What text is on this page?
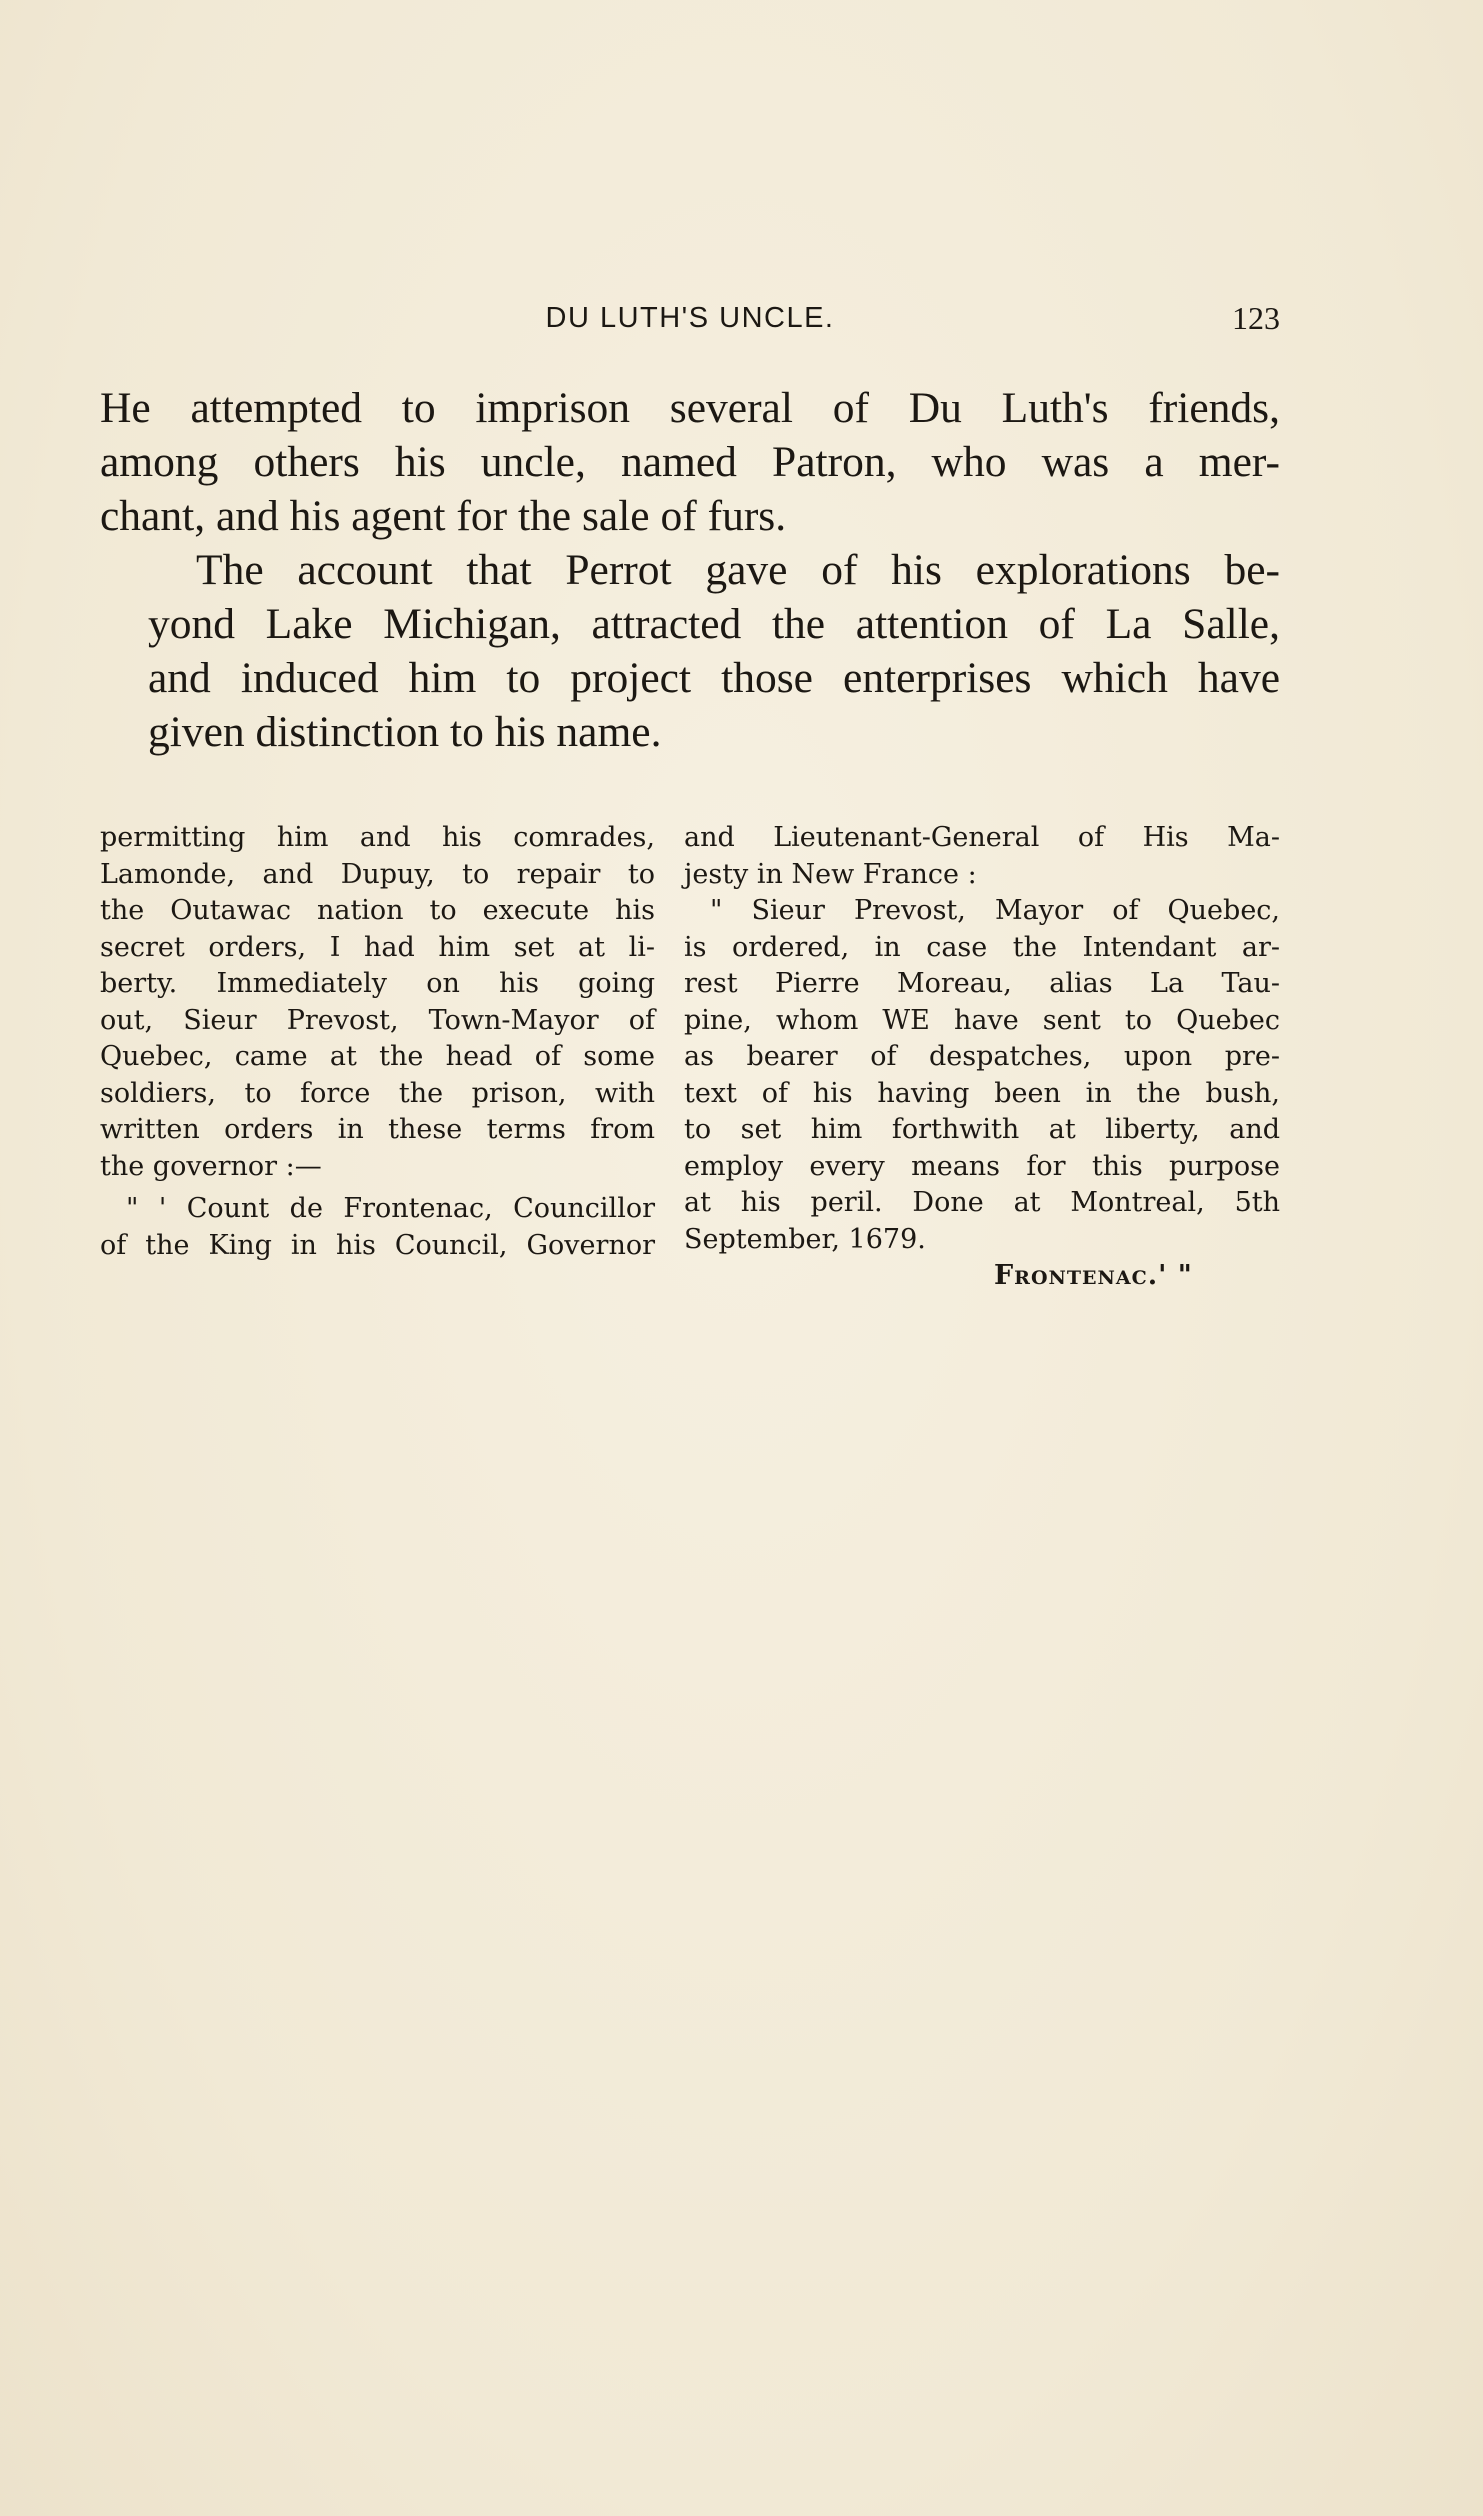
DU LUTH'S UNCLE.	123

He attempted to imprison several of Du Luth's friends,
among others his uncle, named Patron, who was a mer-
chant, and his agent for the sale of furs.

The account that Perrot gave of his explorations be-
yond Lake Michigan, attracted the attention of La Salle,
and induced him to project those enterprises which have
given distinction to his name.

permitting him and his comrades,
Lamonde, and Dupuy, to repair to
the Outawac nation to execute his
secret orders, I had him set at li-
berty. Immediately on his going
out, Sieur Prevost, Town-Mayor of
Quebec, came at the head of some
soldiers, to force the prison, with
written orders in these terms from
the governor :—

" ' Count de Frontenac, Councillor
of the King in his Council, Governor

and Lieutenant-General of His Ma-
jesty in New France :

" Sieur Prevost, Mayor of Quebec,
is ordered, in case the Intendant ar-
rest Pierre Moreau, alias La Tau-
pine, whom WE have sent to Quebec
as bearer of despatches, upon pre-
text of his having been in the bush,
to set him forthwith at liberty, and
employ every means for this purpose
at his peril. Done at Montreal, 5th
September, 1679.

Frontenac.' "
